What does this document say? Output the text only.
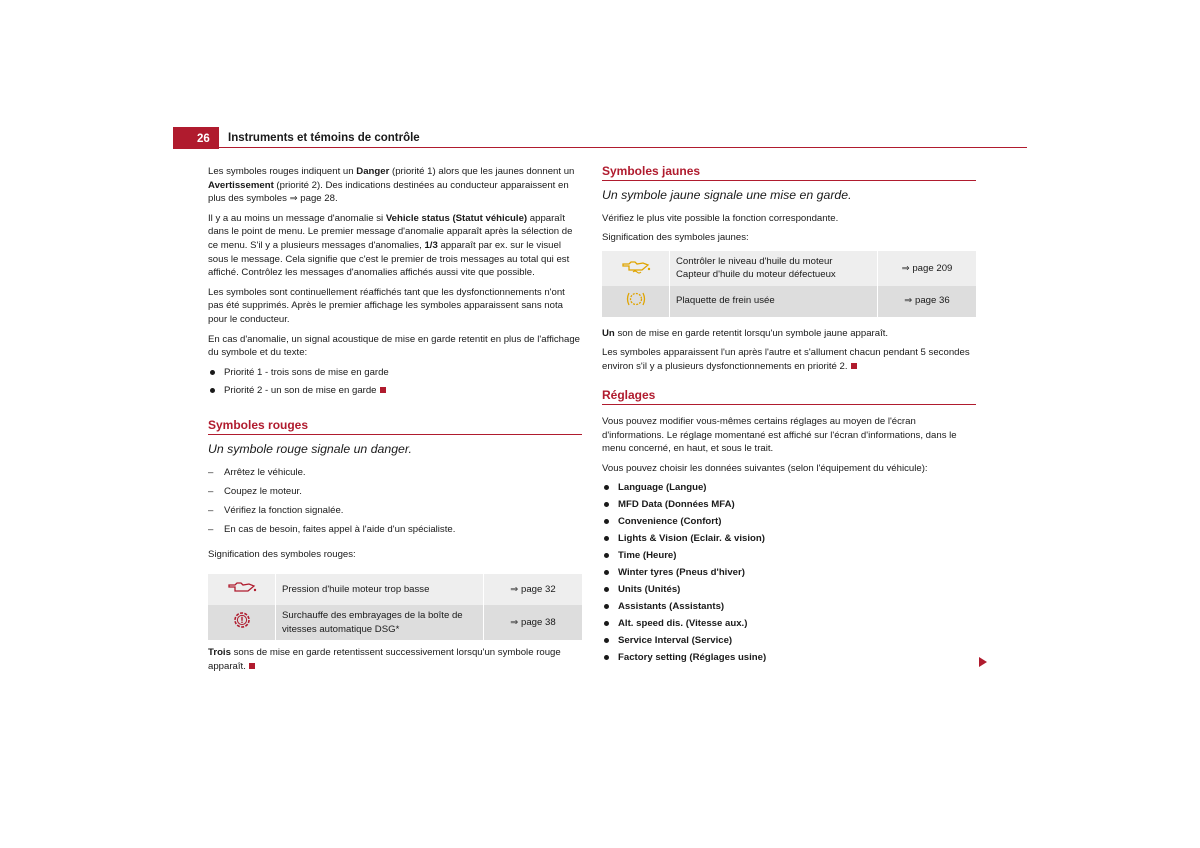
26	Instruments et témoins de contrôle

Les symboles rouges indiquent un Danger (priorité 1) alors que les jaunes donnent un Avertissement (priorité 2). Des indications destinées au conducteur apparaissent en plus des symboles ⇒ page 28.

Il y a au moins un message d'anomalie si Vehicle status (Statut véhicule) apparaît dans le point de menu. Le premier message d'anomalie apparaît après la sélection de ce menu. S'il y a plusieurs messages d'anomalies, 1/3 apparaît par ex. sur le visuel sous le message. Cela signifie que c'est le premier de trois messages au total qui est affiché. Contrôlez les messages d'anomalies affichés aussi vite que possible.

Les symboles sont continuellement réaffichés tant que les dysfonctionnements n'ont pas été supprimés. Après le premier affichage les symboles apparaissent sans nota pour le conducteur.

En cas d'anomalie, un signal acoustique de mise en garde retentit en plus de l'affichage du symbole et du texte:

Priorité 1 - trois sons de mise en garde
Priorité 2 - un son de mise en garde
Symboles rouges
Un symbole rouge signale un danger.
– Arrêtez le véhicule.
– Coupez le moteur.
– Vérifiez la fonction signalée.
– En cas de besoin, faites appel à l'aide d'un spécialiste.

Signification des symboles rouges:

	Pression d'huile moteur trop basse	⇒ page 32
	Surchauffe des embrayages de la boîte de vitesses automatique DSG*	⇒ page 38

Trois sons de mise en garde retentissent successivement lorsqu'un symbole rouge apparaît.

Symboles jaunes
Un symbole jaune signale une mise en garde.

Vérifiez le plus vite possible la fonction correspondante.

Signification des symboles jaunes:

Contrôler le niveau d'huile du moteur
Capteur d'huile du moteur défectueux	⇒ page 209

Plaquette de frein usée	⇒ page 36

Un son de mise en garde retentit lorsqu'un symbole jaune apparaît.

Les symboles apparaissent l'un après l'autre et s'allument chacun pendant 5 secondes environ s'il y a plusieurs dysfonctionnements en priorité 2.

Réglages

Vous pouvez modifier vous-mêmes certains réglages au moyen de l'écran d'informations. Le réglage momentané est affiché sur l'écran d'informations, dans le menu concerné, en haut, et sous le trait.

Vous pouvez choisir les données suivantes (selon l'équipement du véhicule):

Language (Langue)
MFD Data (Données MFA)
Convenience (Confort)
Lights & Vision (Eclair. & vision)
Time (Heure)
Winter tyres (Pneus d'hiver)
Units (Unités)
Assistants (Assistants)
Alt. speed dis. (Vitesse aux.)
Service Interval (Service)
Factory setting (Réglages usine)
